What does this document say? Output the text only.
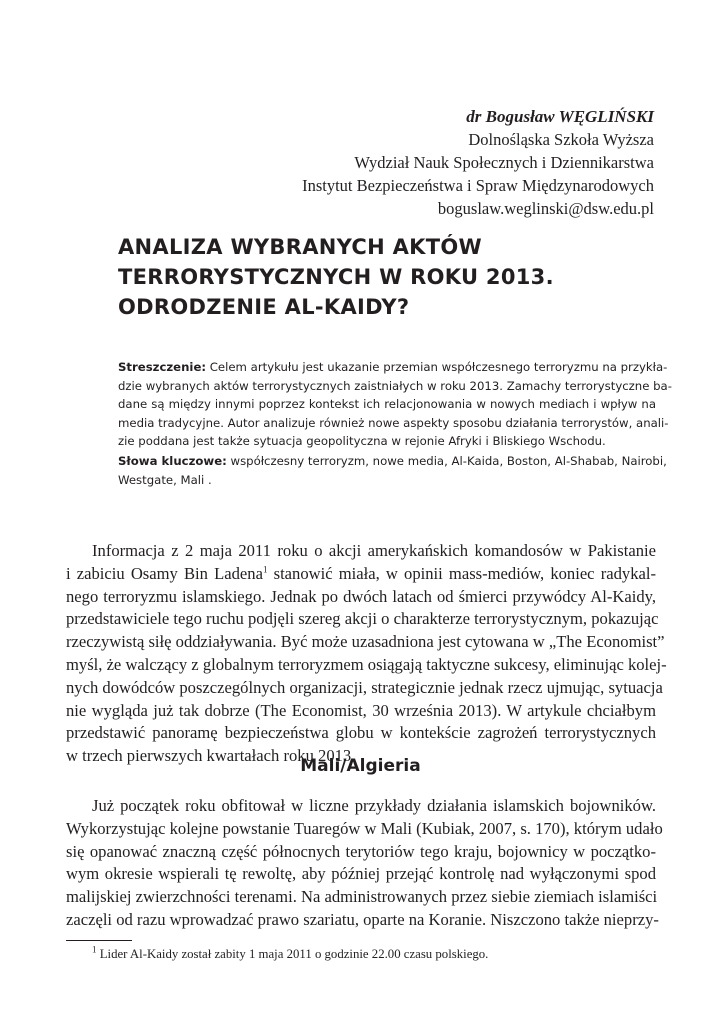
dr Bogusław WĘGLIŃSKI
Dolnośląska Szkoła Wyższa
Wydział Nauk Społecznych i Dziennikarstwa
Instytut Bezpieczeństwa i Spraw Międzynarodowych
boguslaw.weglinski@dsw.edu.pl
ANALIZA WYBRANYCH AKTÓW
TERRORYSTYCZNYCH W ROKU 2013.
ODRODZENIE AL-KAIDY?
Streszczenie: Celem artykułu jest ukazanie przemian współczesnego terroryzmu na przykła-
dzie wybranych aktów terrorystycznych zaistniałych w roku 2013. Zamachy terrorystyczne ba-
dane są między innymi poprzez kontekst ich relacjonowania w nowych mediach i wpływ na
media tradycyjne. Autor analizuje również nowe aspekty sposobu działania terrorystów, anali-
zie poddana jest także sytuacja geopolityczna w rejonie Afryki i Bliskiego Wschodu.
Słowa kluczowe: współczesny terroryzm, nowe media, Al-Kaida, Boston, Al-Shabab, Nairobi,
Westgate, Mali .
Informacja z 2 maja 2011 roku o akcji amerykańskich komandosów w Pakistanie
i zabiciu Osamy Bin Ladena$^1$ stanowić miała, w opinii mass-mediów, koniec radykal-
nego terroryzmu islamskiego. Jednak po dwóch latach od śmierci przywódcy Al-Kaidy,
przedstawiciele tego ruchu podjęli szereg akcji o charakterze terrorystycznym, pokazując
rzeczywistą siłę oddziaływania. Być może uzasadniona jest cytowana w „The Economist”
myśl, że walczący z globalnym terroryzmem osiągają taktyczne sukcesy, eliminując kolej-
nych dowódców poszczególnych organizacji, strategicznie jednak rzecz ujmując, sytuacja
nie wygląda już tak dobrze (The Economist, 30 września 2013). W artykule chciałbym
przedstawić panoramę bezpieczeństwa globu w kontekście zagrożeń terrorystycznych
w trzech pierwszych kwartałach roku 2013.
Mali/Algieria
Już początek roku obfitował w liczne przykłady działania islamskich bojowników.
Wykorzystując kolejne powstanie Tuaregów w Mali (Kubiak, 2007, s. 170), którym udało
się opanować znaczną część północnych terytoriów tego kraju, bojownicy w początko-
wym okresie wspierali tę rewoltę, aby później przejąć kontrolę nad wyłączonymi spod
malijskiej zwierzchności terenami. Na administrowanych przez siebie ziemiach islamiści
zaczęli od razu wprowadzać prawo szariatu, oparte na Koranie. Niszczono także nieprzy-
$^1$ Lider Al-Kaidy został zabity 1 maja 2011 o godzinie 22.00 czasu polskiego.
